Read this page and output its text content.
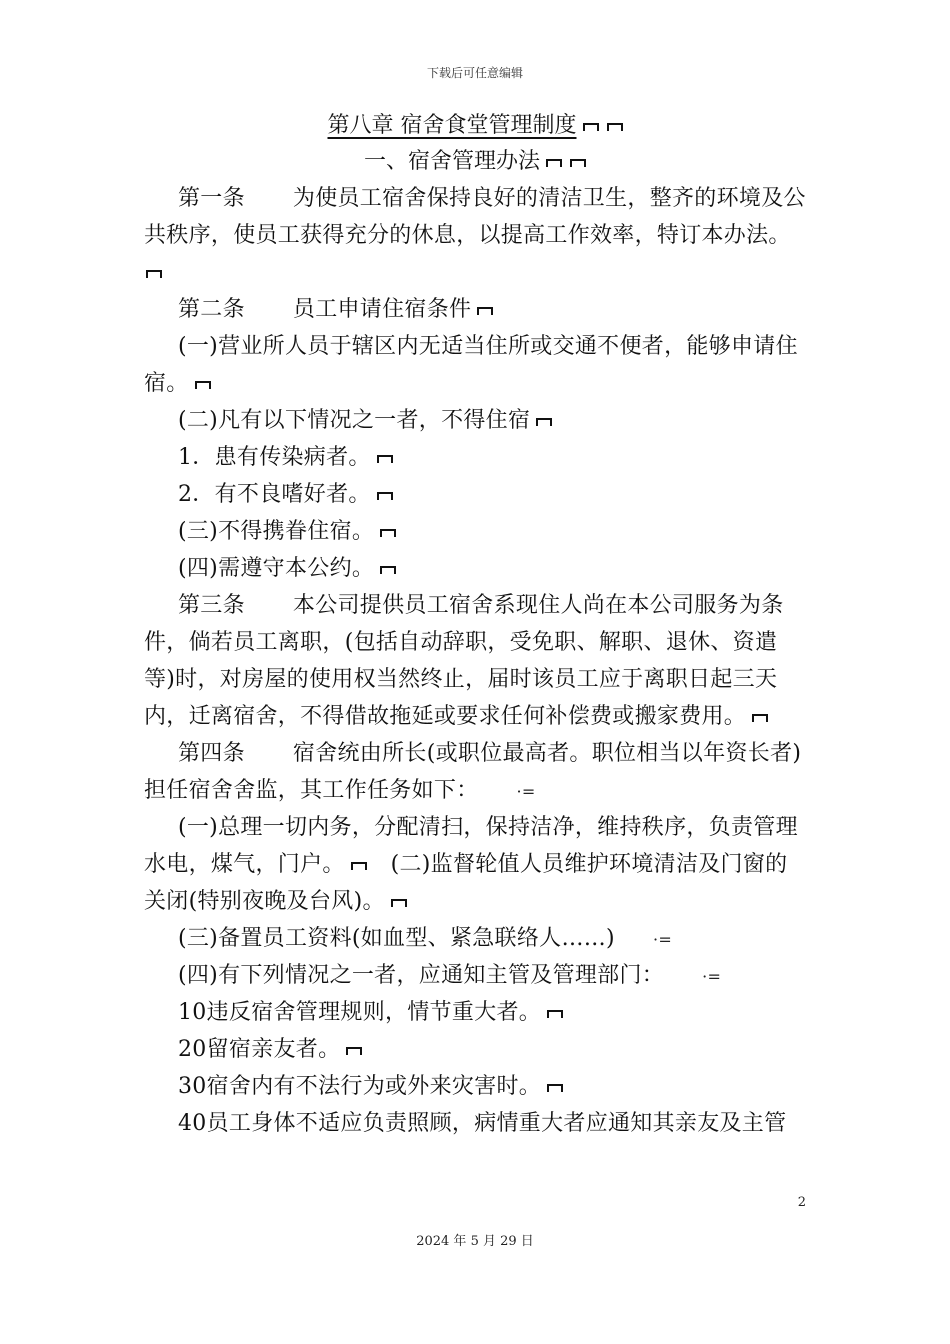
下载后可任意编辑

第八章 宿舍食堂管理制度

一、宿舍管理办法

第一条 为使员工宿舍保持良好的清洁卫生，整齐的环境及公共秩序，使员工获得充分的休息，以提高工作效率，特订本办法。

第二条 员工申请住宿条件

(一)营业所人员于辖区内无适当住所或交通不便者，能够申请住宿。

(二)凡有以下情况之一者，不得住宿

1．患有传染病者。

2．有不良嗜好者。

(三)不得携眷住宿。

(四)需遵守本公约。

第三条 本公司提供员工宿舍系现住人尚在本公司服务为条件，倘若员工离职，(包括自动辞职，受免职、解职、退休、资遣等)时，对房屋的使用权当然终止，届时该员工应于离职日起三天内，迁离宿舍，不得借故拖延或要求任何补偿费或搬家费用。

第四条 宿舍统由所长(或职位最高者。职位相当以年资长者)担任宿舍舍监，其工作任务如下：·=

(一)总理一切内务，分配清扫，保持洁净，维持秩序，负责管理水电，煤气，门户。 (二)监督轮值人员维护环境清洁及门窗的关闭(特别夜晚及台风)。

(三)备置员工资料(如血型、紧急联络人……)·=

(四)有下列情况之一者，应通知主管及管理部门：·=

10违反宿舍管理规则，情节重大者。

20留宿亲友者。

30宿舍内有不法行为或外来灾害时。

40员工身体不适应负责照顾，病情重大者应通知其亲友及主管

2
2024 年 5 月 29 日
